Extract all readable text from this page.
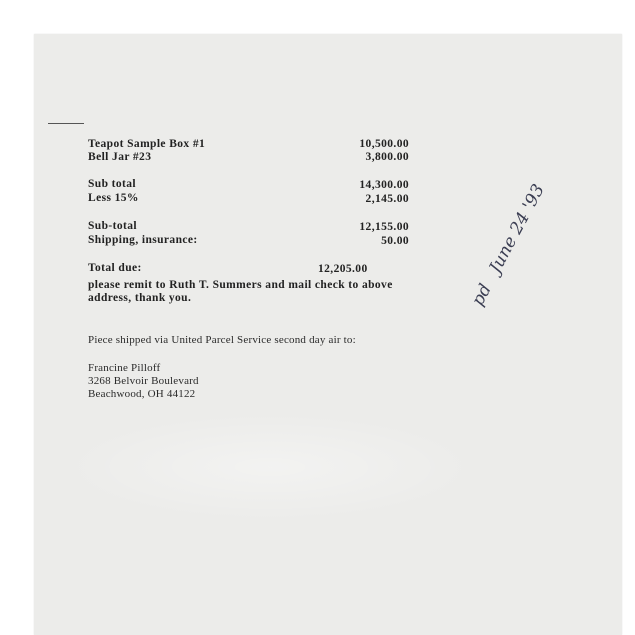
Teapot Sample Box #1	10,500.00
Bell Jar #23	3,800.00
Sub total	14,300.00
Less 15%	2,145.00
Sub-total	12,155.00
Shipping, insurance:	50.00
Total due:	12,205.00
please remit to Ruth T. Summers and mail check to above
address, thank you.
Piece shipped via United Parcel Service second day air to:
Francine Pilloff
3268 Belvoir Boulevard
Beachwood, OH 44122
pd June 24 '93
